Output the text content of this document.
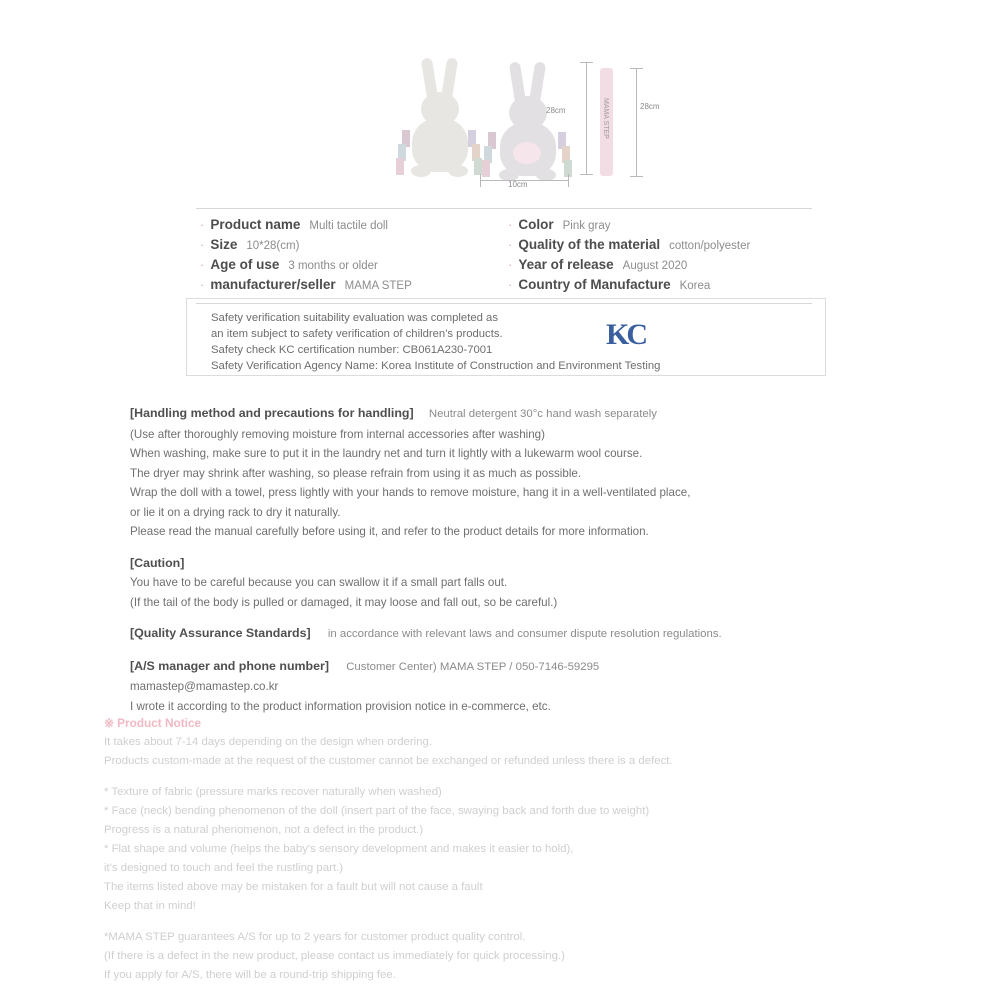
28cm
10cm
MAMA STEP	28cm
· Product name Multi tactile doll
· Size 10*28(cm)
· Age of use 3 months or older
· manufacturer/seller MAMA STEP
· Color Pink gray
· Quality of the material cotton/polyester
· Year of release August 2020
· Country of Manufacture Korea
Safety verification suitability evaluation was completed as
an item subject to safety verification of children's products.
Safety check KC certification number: CB061A230-7001
Safety Verification Agency Name: Korea Institute of Construction and Environment Testing
KC
[Handling method and precautions for handling] Neutral detergent 30°c hand wash separately
(Use after thoroughly removing moisture from internal accessories after washing)
When washing, make sure to put it in the laundry net and turn it lightly with a lukewarm wool course.
The dryer may shrink after washing, so please refrain from using it as much as possible.
Wrap the doll with a towel, press lightly with your hands to remove moisture, hang it in a well-ventilated place,
or lie it on a drying rack to dry it naturally.
Please read the manual carefully before using it, and refer to the product details for more information.
[Caution]
You have to be careful because you can swallow it if a small part falls out.
(If the tail of the body is pulled or damaged, it may loose and fall out, so be careful.)
[Quality Assurance Standards] in accordance with relevant laws and consumer dispute resolution regulations.
[A/S manager and phone number] Customer Center) MAMA STEP / 050-7146-59295
mamastep@mamastep.co.kr
I wrote it according to the product information provision notice in e-commerce, etc.
※ Product Notice
It takes about 7-14 days depending on the design when ordering.
Products custom-made at the request of the customer cannot be exchanged or refunded unless there is a defect.
* Texture of fabric (pressure marks recover naturally when washed)
* Face (neck) bending phenomenon of the doll (insert part of the face, swaying back and forth due to weight)
Progress is a natural phenomenon, not a defect in the product.)
* Flat shape and volume (helps the baby's sensory development and makes it easier to hold),
it's designed to touch and feel the rustling part.)
The items listed above may be mistaken for a fault but will not cause a fault
Keep that in mind!
*MAMA STEP guarantees A/S for up to 2 years for customer product quality control.
(If there is a defect in the new product, please contact us immediately for quick processing.)
If you apply for A/S, there will be a round-trip shipping fee.
